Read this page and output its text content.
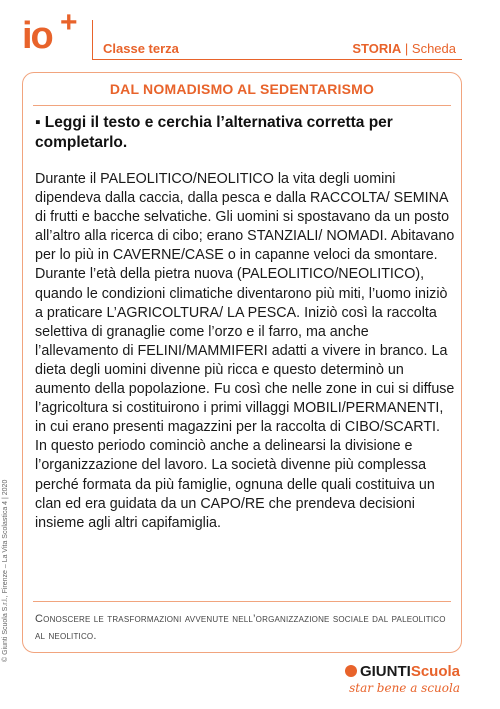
io +
Classe terza	STORIA | Scheda
DAL NOMADISMO AL SEDENTARISMO
▪ Leggi il testo e cerchia l’alternativa corretta per completarlo.

Durante il PALEOLITICO/NEOLITICO la vita degli uomini dipendeva dalla caccia, dalla pesca e dalla RACCOLTA/ SEMINA di frutti e bacche selvatiche. Gli uomini si spostavano da un posto all’altro alla ricerca di cibo; erano STANZIALI/ NOMADI. Abitavano per lo più in CAVERNE/CASE o in capanne veloci da smontare. Durante l’età della pietra nuova (PALEOLITICO/NEOLITICO), quando le condizioni climatiche diventarono più miti, l’uomo iniziò a praticare L’AGRICOLTURA/ LA PESCA. Iniziò così la raccolta selettiva di granaglie come l’orzo e il farro, ma anche l’allevamento di FELINI/MAMMIFERI adatti a vivere in branco. La dieta degli uomini divenne più ricca e questo determinò un aumento della popolazione. Fu così che nelle zone in cui si diffuse l’agricoltura si costituirono i primi villaggi MOBILI/PERMANENTI, in cui erano presenti magazzini per la raccolta di CIBO/SCARTI. In questo periodo cominciò anche a delinearsi la divisione e l’organizzazione del lavoro. La società divenne più complessa perché formata da più famiglie, ognuna delle quali costituiva un clan ed era guidata da un CAPO/RE che prendeva decisioni insieme agli altri capifamiglia.

Conoscere le trasformazioni avvenute nell’organizzazione sociale dal paleolitico al neolitico.
© Giunti Scuola S.r.l., Firenze – La Vita Scolastica 4 | 2020
GIUNTIScuola
star bene a scuola
